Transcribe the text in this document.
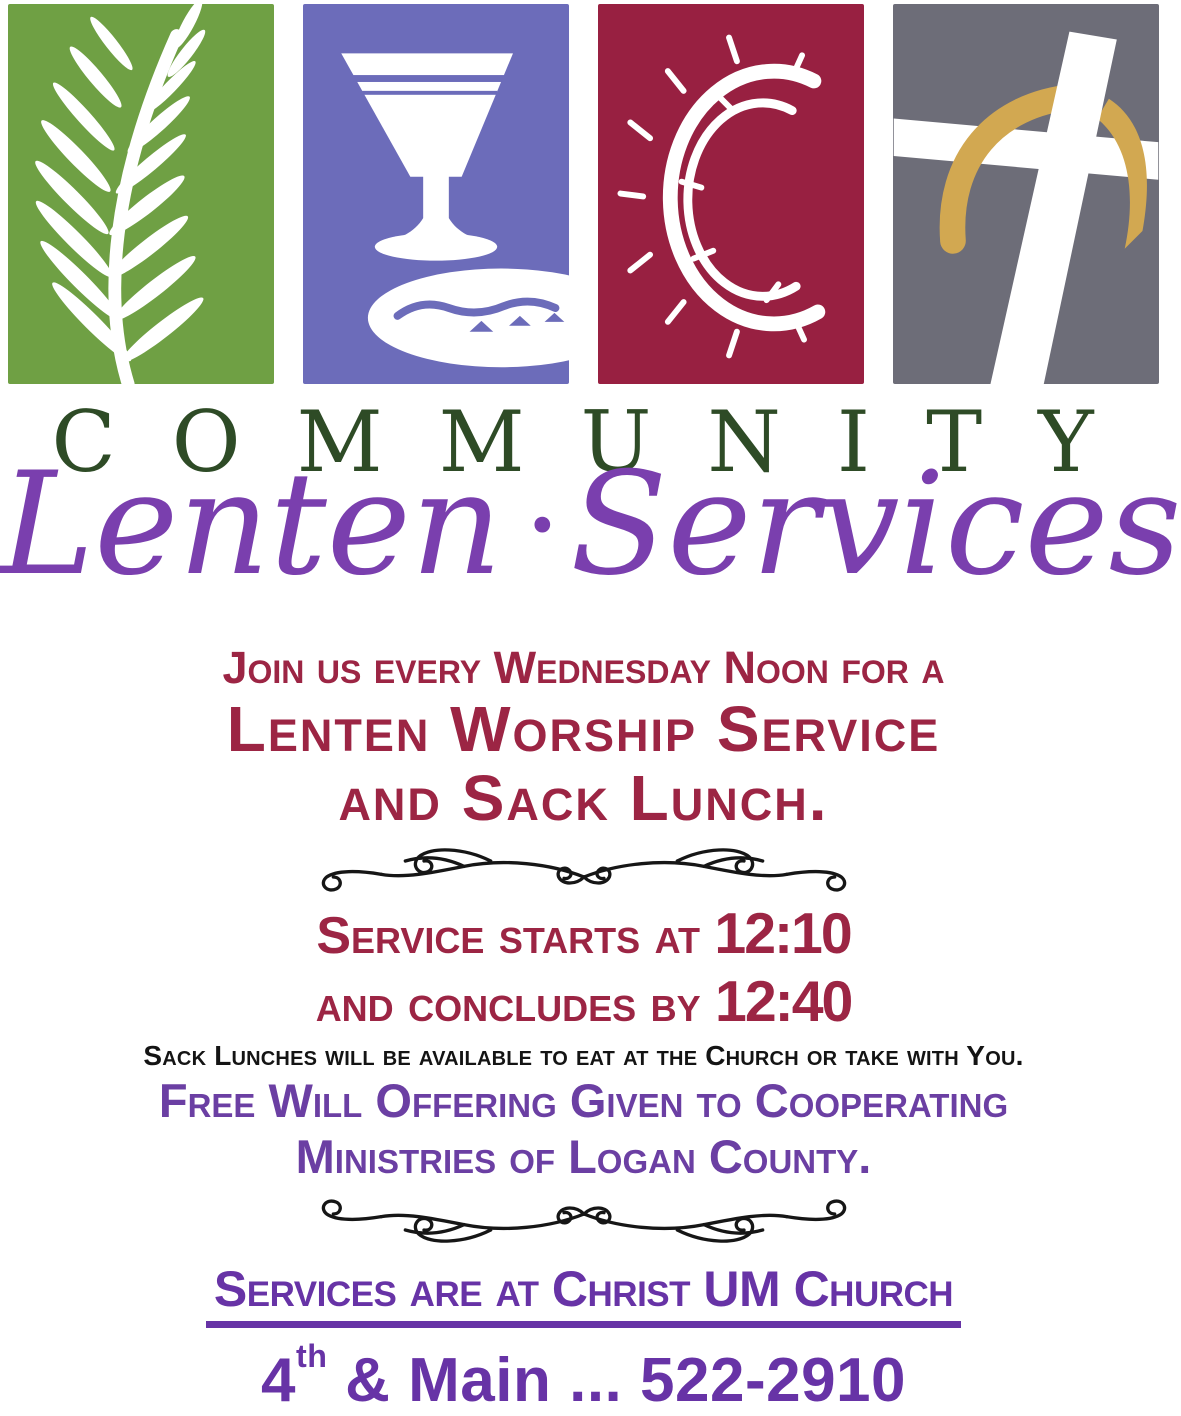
COMMUNITY
Lenten •Services
Join us every Wednesday Noon for a
Lenten Worship Service
and Sack Lunch.
Service starts at 12:10
and concludes by 12:40
Sack Lunches will be available to eat at the Church or take with You.
Free Will Offering Given to Cooperating
Ministries of Logan County.
Services are at Christ UM Church
4th & Main ... 522-2910
